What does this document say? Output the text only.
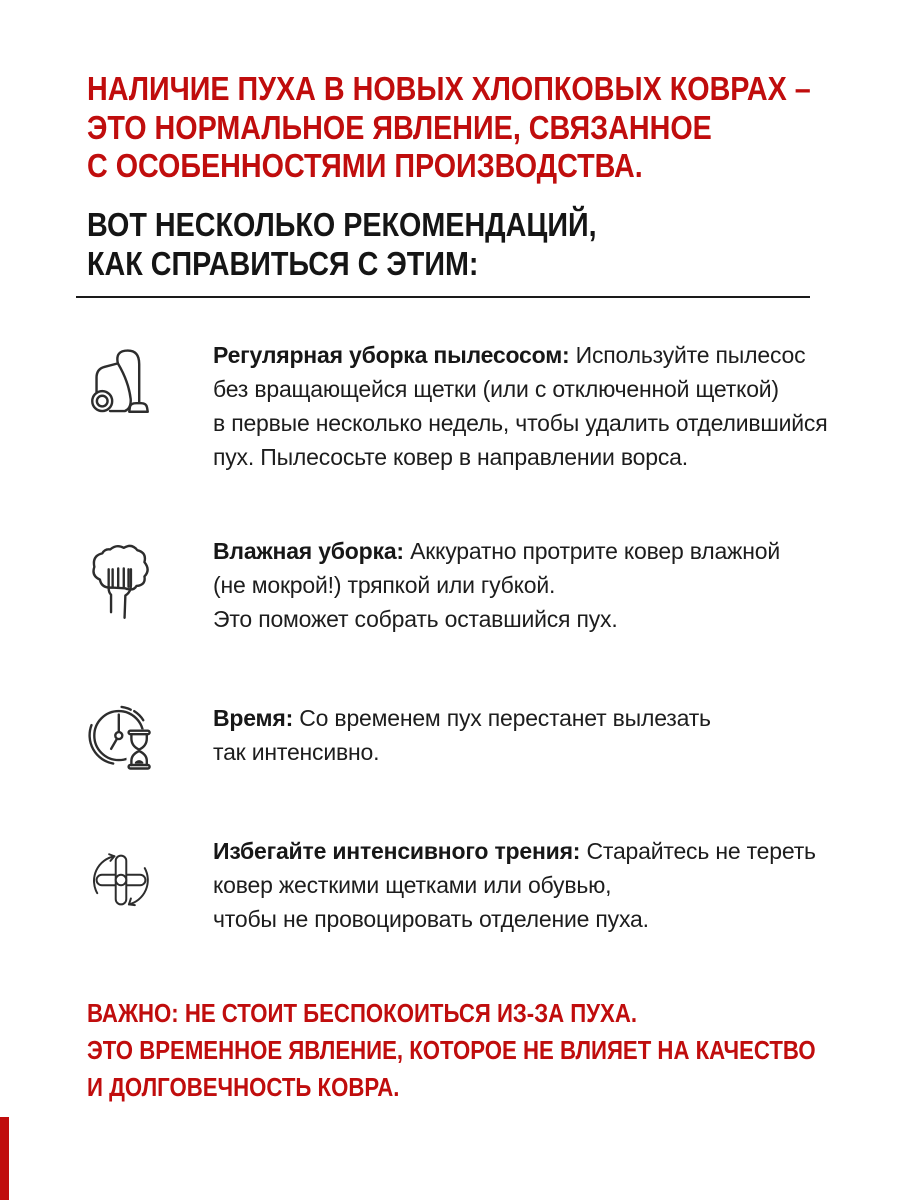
НАЛИЧИЕ ПУХА В НОВЫХ ХЛОПКОВЫХ КОВРАХ –
ЭТО НОРМАЛЬНОЕ ЯВЛЕНИЕ, СВЯЗАННОЕ
С ОСОБЕННОСТЯМИ ПРОИЗВОДСТВА.
ВОТ НЕСКОЛЬКО РЕКОМЕНДАЦИЙ,
КАК СПРАВИТЬСЯ С ЭТИМ:
Регулярная уборка пылесосом: Используйте пылесос
без вращающейся щетки (или с отключенной щеткой)
в первые несколько недель, чтобы удалить отделившийся
пух. Пылесосьте ковер в направлении ворса.
Влажная уборка: Аккуратно протрите ковер влажной
(не мокрой!) тряпкой или губкой.
Это поможет собрать оставшийся пух.
Время: Со временем пух перестанет вылезать
так интенсивно.
Избегайте интенсивного трения: Старайтесь не тереть
ковер жесткими щетками или обувью,
чтобы не провоцировать отделение пуха.
ВАЖНО: НЕ СТОИТ БЕСПОКОИТЬСЯ ИЗ-ЗА ПУХА.
ЭТО ВРЕМЕННОЕ ЯВЛЕНИЕ, КОТОРОЕ НЕ ВЛИЯЕТ НА КАЧЕСТВО
И ДОЛГОВЕЧНОСТЬ КОВРА.
